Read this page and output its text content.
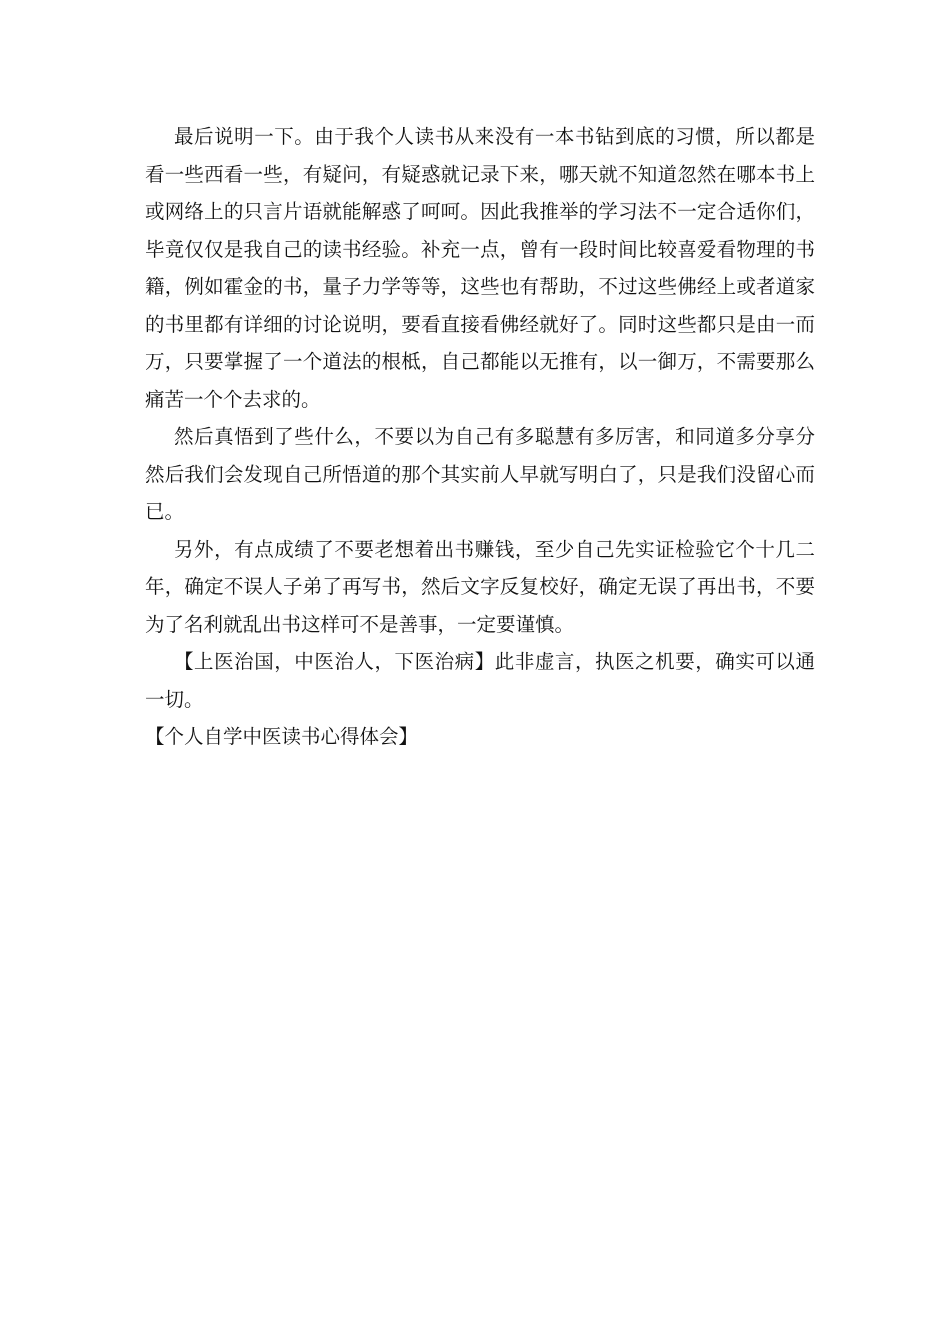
最后说明一下。由于我个人读书从来没有一本书钻到底的习惯，所以都是
看一些西看一些，有疑问，有疑惑就记录下来，哪天就不知道忽然在哪本书上
或网络上的只言片语就能解惑了呵呵。因此我推举的学习法不一定合适你们，
毕竟仅仅是我自己的读书经验。补充一点，曾有一段时间比较喜爱看物理的书
籍，例如霍金的书，量子力学等等，这些也有帮助，不过这些佛经上或者道家
的书里都有详细的讨论说明，要看直接看佛经就好了。同时这些都只是由一而
万，只要掌握了一个道法的根柢，自己都能以无推有，以一御万，不需要那么
痛苦一个个去求的。
然后真悟到了些什么，不要以为自己有多聪慧有多厉害，和同道多分享分
然后我们会发现自己所悟道的那个其实前人早就写明白了，只是我们没留心而
已。
另外，有点成绩了不要老想着出书赚钱，至少自己先实证检验它个十几二
年，确定不误人子弟了再写书，然后文字反复校好，确定无误了再出书，不要
为了名利就乱出书这样可不是善事，一定要谨慎。
【上医治国，中医治人，下医治病】此非虚言，执医之机要，确实可以通
一切。
【个人自学中医读书心得体会】
